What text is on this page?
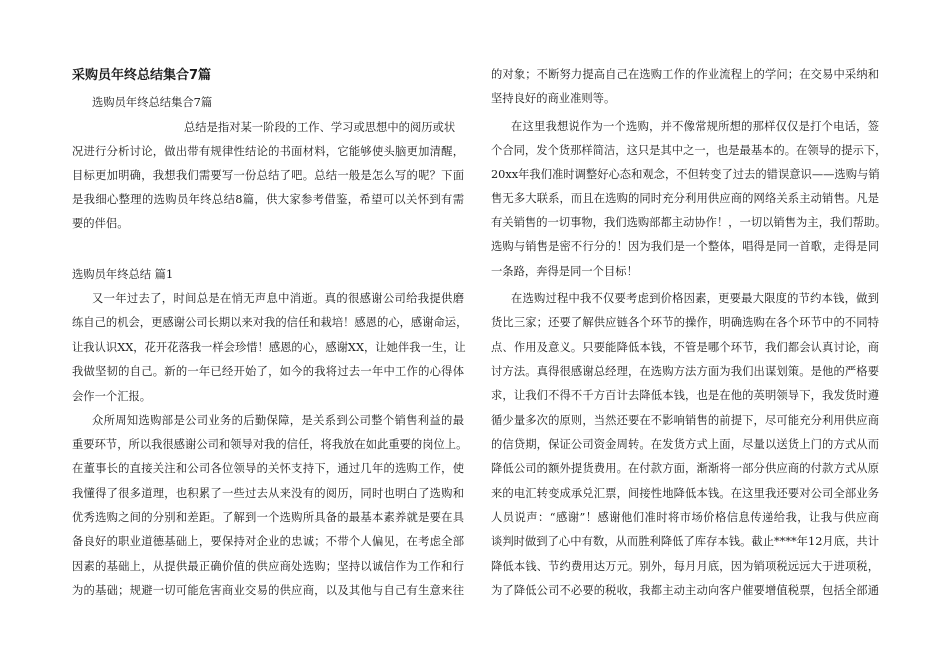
采购员年终总结集合7篇
选购员年终总结集合7篇
总结是指对某一阶段的工作、学习或思想中的阅历或状
况进行分析讨论，做出带有规律性结论的书面材料，它能够使头脑更加清醒，
目标更加明确，我想我们需要写一份总结了吧。总结一般是怎么写的呢？下面
是我细心整理的选购员年终总结8篇，供大家参考借鉴，希望可以关怀到有需
要的伴侣。
选购员年终总结 篇1
又一年过去了，时间总是在悄无声息中消逝。真的很感谢公司给我提供磨
练自己的机会，更感谢公司长期以来对我的信任和栽培！感恩的心，感谢命运，
让我认识XX，花开花落我一样会珍惜！感恩的心，感谢XX，让她伴我一生，让
我做坚韧的自己。新的一年已经开始了，如今的我将过去一年中工作的心得体
会作一个汇报。
众所周知选购部是公司业务的后勤保障，是关系到公司整个销售利益的最
重要环节，所以我很感谢公司和领导对我的信任，将我放在如此重要的岗位上。
在董事长的直接关注和公司各位领导的关怀支持下，通过几年的选购工作，使
我懂得了很多道理，也积累了一些过去从来没有的阅历，同时也明白了选购和
优秀选购之间的分别和差距。了解到一个选购所具备的最基本素养就是要在具
备良好的职业道德基础上，要保持对企业的忠诚；不带个人偏见，在考虑全部
因素的基础上，从提供最正确价值的供应商处选购；坚持以诚信作为工作和行
为的基础；规避一切可能危害商业交易的供应商，以及其他与自己有生意来往
的对象；不断努力提高自己在选购工作的作业流程上的学问；在交易中采纳和
坚持良好的商业准则等。
在这里我想说作为一个选购，并不像常规所想的那样仅仅是打个电话，签
个合同，发个货那样简洁，这只是其中之一，也是最基本的。在领导的提示下，
20xx年我们准时调整好心态和观念，不但转变了过去的错误意识——选购与销
售无多大联系，而且在选购的同时充分利用供应商的网络关系主动销售。凡是
有关销售的一切事物，我们选购部都主动协作！，一切以销售为主，我们帮助。
选购与销售是密不行分的！因为我们是一个整体，唱得是同一首歌，走得是同
一条路，奔得是同一个目标！
在选购过程中我不仅要考虑到价格因素，更要最大限度的节约本钱，做到
货比三家；还要了解供应链各个环节的操作，明确选购在各个环节中的不同特
点、作用及意义。只要能降低本钱，不管是哪个环节，我们都会认真讨论，商
讨方法。真得很感谢总经理，在选购方法方面为我们出谋划策。是他的严格要
求，让我们不得不千方百计去降低本钱，也是在他的英明领导下，我发货时遵
循少量多次的原则，当然还要在不影响销售的前提下，尽可能充分利用供应商
的信贷期，保证公司资金周转。在发货方式上面，尽量以送货上门的方式从而
降低公司的额外提货费用。在付款方面，渐渐将一部分供应商的付款方式从原
来的电汇转变成承兑汇票，间接性地降低本钱。在这里我还要对公司全部业务
人员说声：“感谢”！感谢他们准时将市场价格信息传递给我，让我与供应商
谈判时做到了心中有数，从而胜利降低了库存本钱。截止****年12月底，共计
降低本钱、节约费用达万元。别外，每月月底，因为销项税远远大于进项税，
为了降低公司不必要的税收，我都主动主动向客户催要增值税票，包括全部通
